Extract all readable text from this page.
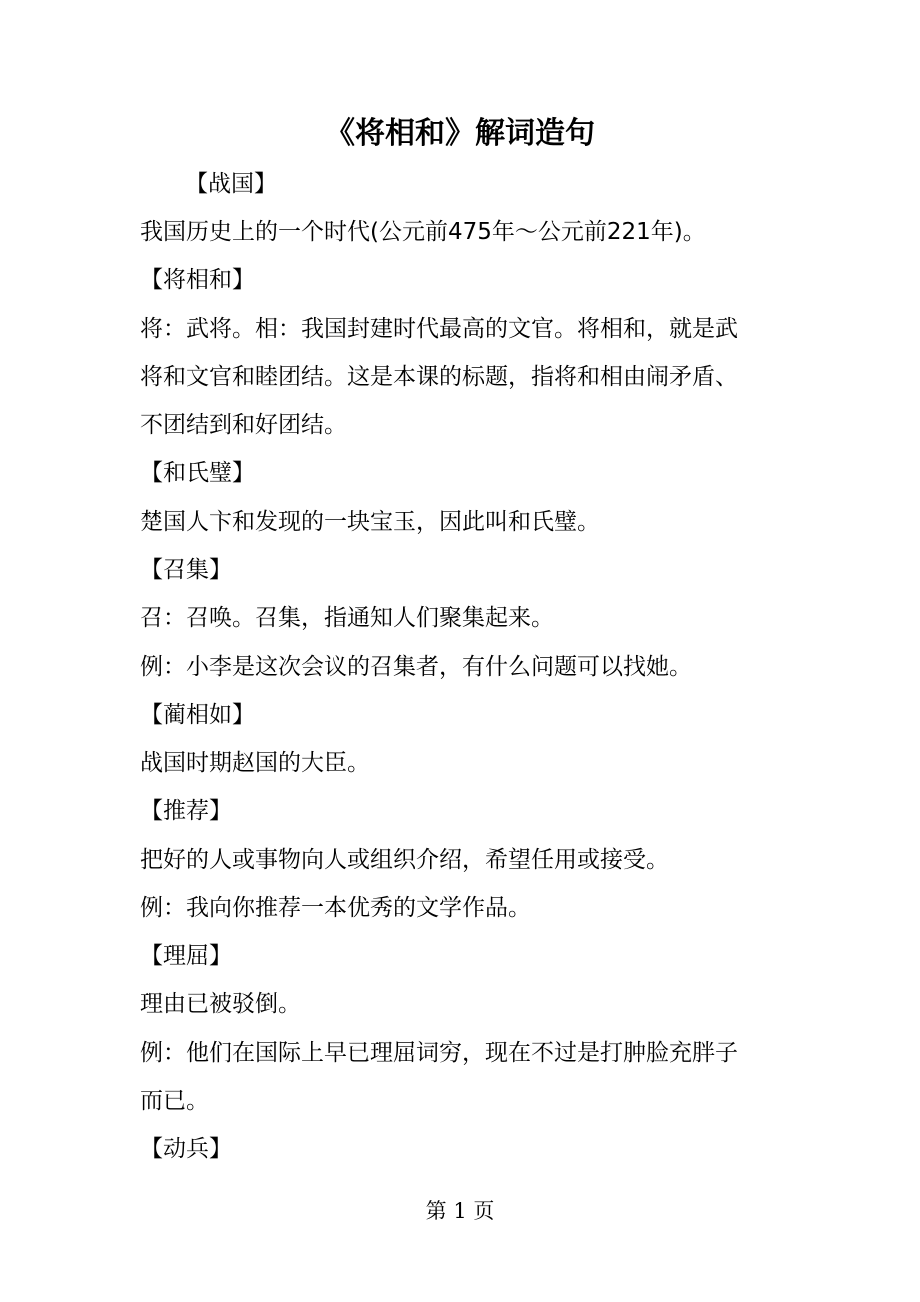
《将相和》解词造句
【战国】
我国历史上的一个时代(公元前475年～公元前221年)。
【将相和】
将：武将。相：我国封建时代最高的文官。将相和，就是武
将和文官和睦团结。这是本课的标题，指将和相由闹矛盾、
不团结到和好团结。
【和氏璧】
楚国人卞和发现的一块宝玉，因此叫和氏璧。
【召集】
召：召唤。召集，指通知人们聚集起来。
例：小李是这次会议的召集者，有什么问题可以找她。
【蔺相如】
战国时期赵国的大臣。
【推荐】
把好的人或事物向人或组织介绍，希望任用或接受。
例：我向你推荐一本优秀的文学作品。
【理屈】
理由已被驳倒。
例：他们在国际上早已理屈词穷，现在不过是打肿脸充胖子
而已。
【动兵】
第 1 页
